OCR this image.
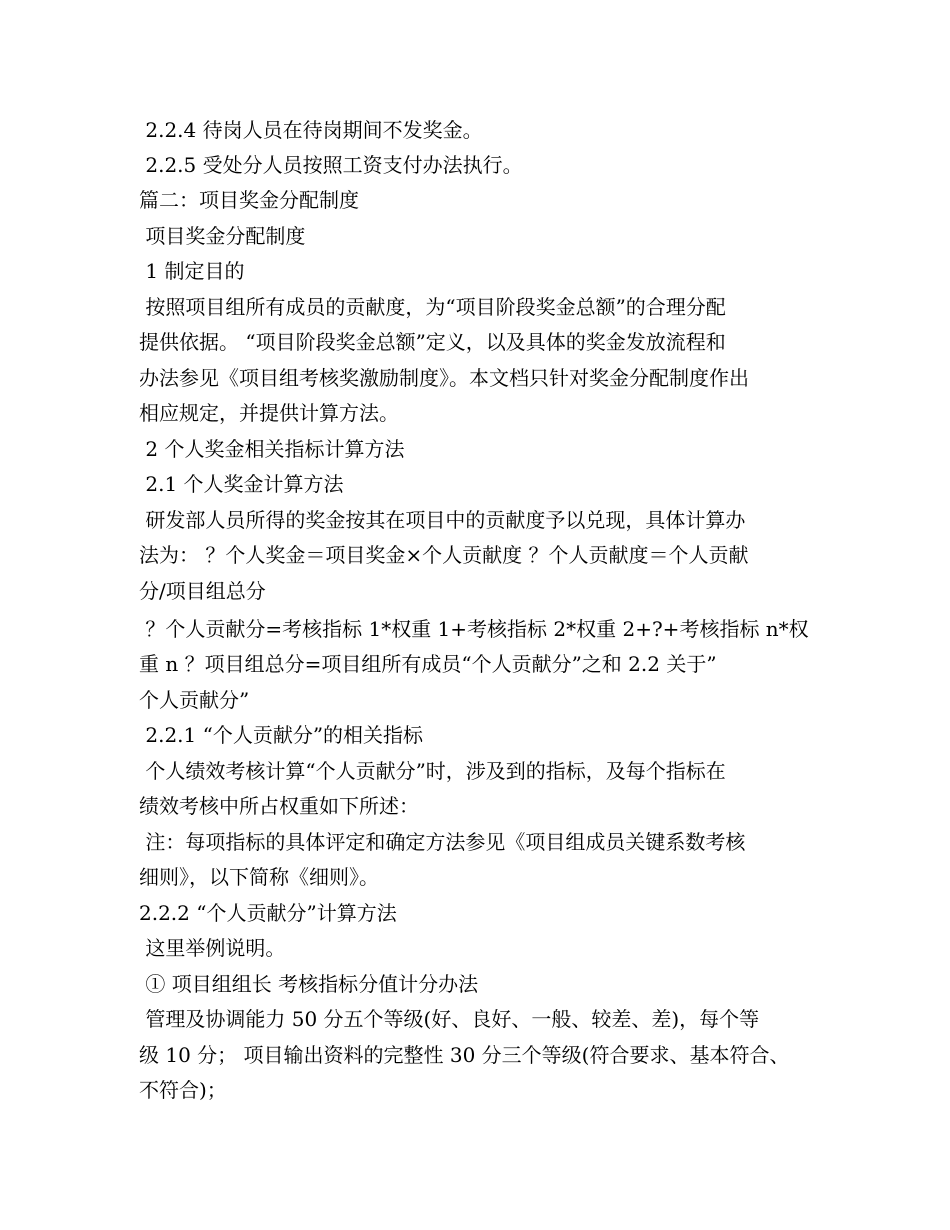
2.2.4 待岗人员在待岗期间不发奖金。
2.2.5 受处分人员按照工资支付办法执行。
篇二：项目奖金分配制度
项目奖金分配制度
1 制定目的
按照项目组所有成员的贡献度，为“项目阶段奖金总额”的合理分配
提供依据。 “项目阶段奖金总额”定义，以及具体的奖金发放流程和
办法参见《项目组考核奖激励制度》。本文档只针对奖金分配制度作出
相应规定，并提供计算方法。
2 个人奖金相关指标计算方法
2.1 个人奖金计算方法
研发部人员所得的奖金按其在项目中的贡献度予以兑现，具体计算办
法为： ？个人奖金＝项目奖金×个人贡献度 ？个人贡献度＝个人贡献
分/项目组总分
？个人贡献分=考核指标 1*权重 1+考核指标 2*权重 2+?+考核指标 n*权
重 n ？项目组总分=项目组所有成员“个人贡献分”之和 2.2 关于”
个人贡献分”
2.2.1 “个人贡献分”的相关指标
个人绩效考核计算“个人贡献分”时，涉及到的指标，及每个指标在
绩效考核中所占权重如下所述：
注：每项指标的具体评定和确定方法参见《项目组成员关键系数考核
细则》，以下简称《细则》。
2.2.2 “个人贡献分”计算方法
这里举例说明。
① 项目组组长 考核指标分值计分办法
管理及协调能力 50 分五个等级(好、良好、一般、较差、差)，每个等
级 10 分； 项目输出资料的完整性 30 分三个等级(符合要求、基本符合、
不符合)；
